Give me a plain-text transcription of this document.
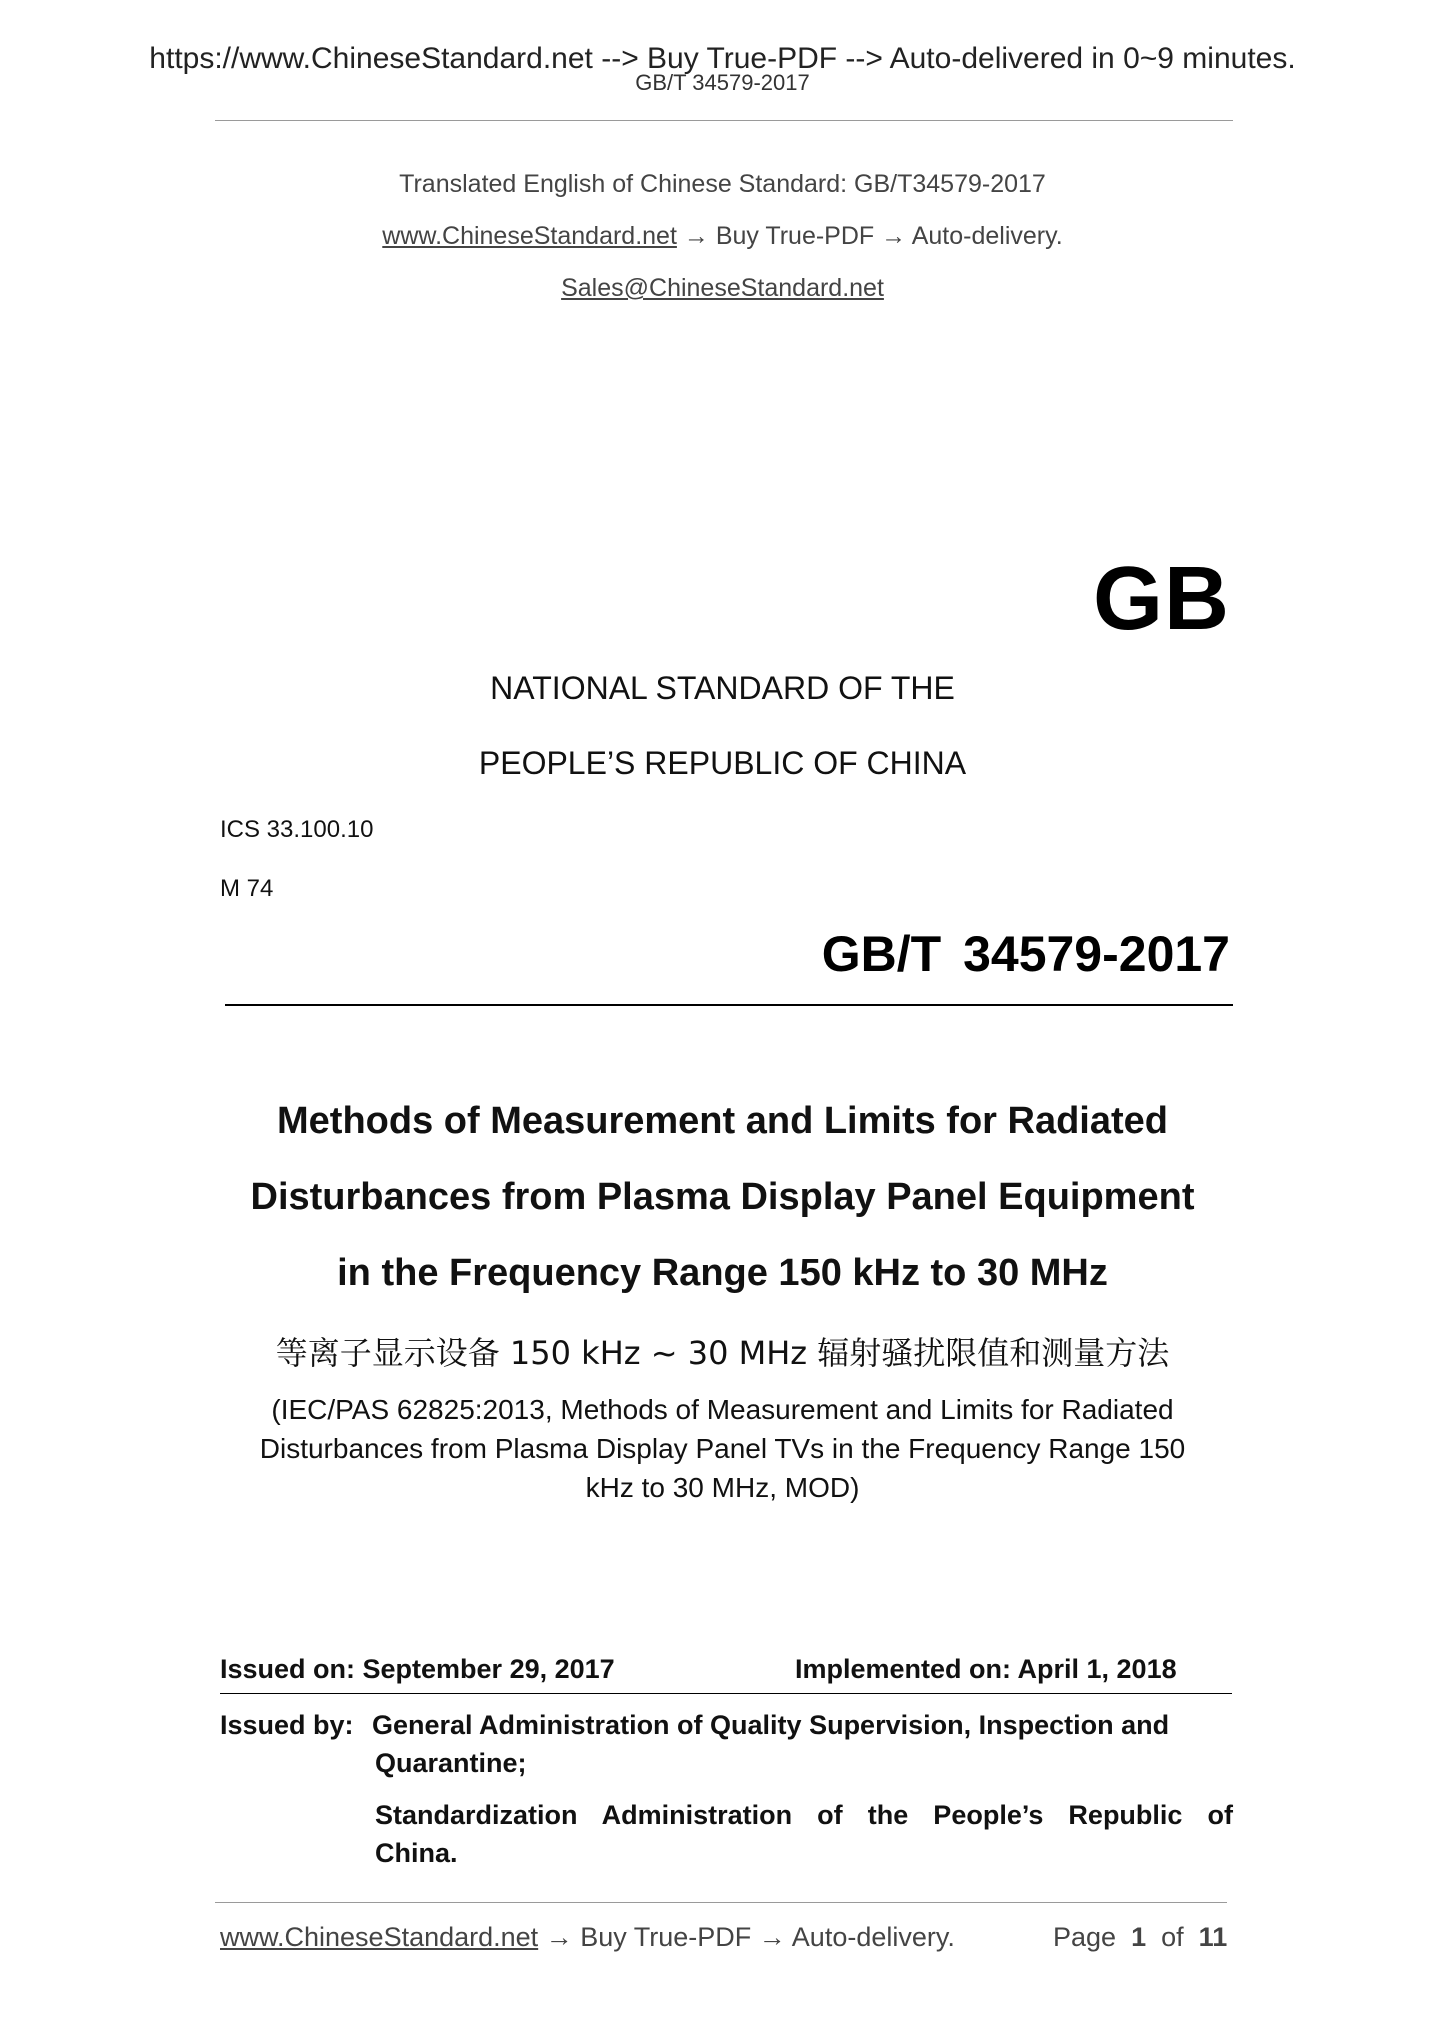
https://www.ChineseStandard.net --> Buy True-PDF --> Auto-delivered in 0~9 minutes.
GB/T 34579-2017
Translated English of Chinese Standard: GB/T34579-2017
www.ChineseStandard.net → Buy True-PDF → Auto-delivery.
Sales@ChineseStandard.net
GB
NATIONAL STANDARD OF THE
PEOPLE’S REPUBLIC OF CHINA
ICS 33.100.10
M 74
GB/T 34579-2017
Methods of Measurement and Limits for Radiated
Disturbances from Plasma Display Panel Equipment
in the Frequency Range 150 kHz to 30 MHz
等离子显示设备 150 kHz ~ 30 MHz 辐射骚扰限值和测量方法
(IEC/PAS 62825:2013, Methods of Measurement and Limits for Radiated
Disturbances from Plasma Display Panel TVs in the Frequency Range 150
kHz to 30 MHz, MOD)
Issued on: September 29, 2017	Implemented on: April 1, 2018
Issued by: General Administration of Quality Supervision, Inspection and
Quarantine;
Standardization Administration of the People’s Republic of
China.
www.ChineseStandard.net → Buy True-PDF → Auto-delivery.	Page 1 of 11
